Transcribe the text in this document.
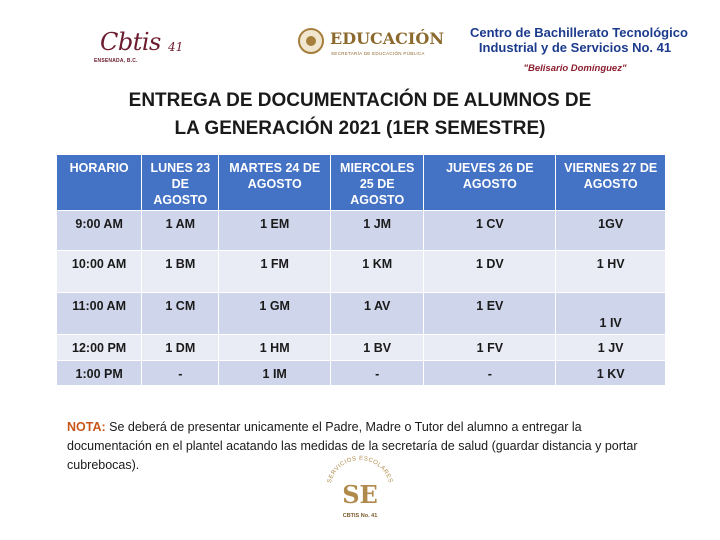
Cbtis 41
ENSENADA, B.C.
EDUCACIÓN
SECRETARÍA DE EDUCACIÓN PÚBLICA
Centro de Bachillerato Tecnológico
Industrial y de Servicios No. 41
"Belisario Domínguez"
ENTREGA DE DOCUMENTACIÓN DE ALUMNOS DE
LA GENERACIÓN 2021 (1ER SEMESTRE)
HORARIO	LUNES 23 DE AGOSTO	MARTES 24 DE AGOSTO	MIERCOLES 25 DE AGOSTO	JUEVES 26 DE AGOSTO	VIERNES 27 DE AGOSTO
9:00 AM	1 AM	1 EM	1 JM	1 CV	1GV
10:00 AM	1 BM	1 FM	1 KM	1 DV	1 HV
11:00 AM	1 CM	1 GM	1 AV	1 EV	1 IV
12:00 PM	1 DM	1 HM	1 BV	1 FV	1 JV
1:00 PM	-	1 IM	-	-	1 KV
NOTA: Se deberá de presentar unicamente el Padre, Madre o Tutor del alumno a entregar la documentación en el plantel acatando las medidas de la secretaría de salud (guardar distancia y portar cubrebocas).
SERVICIOS ESCOLARES
SE
CBTIS No. 41
